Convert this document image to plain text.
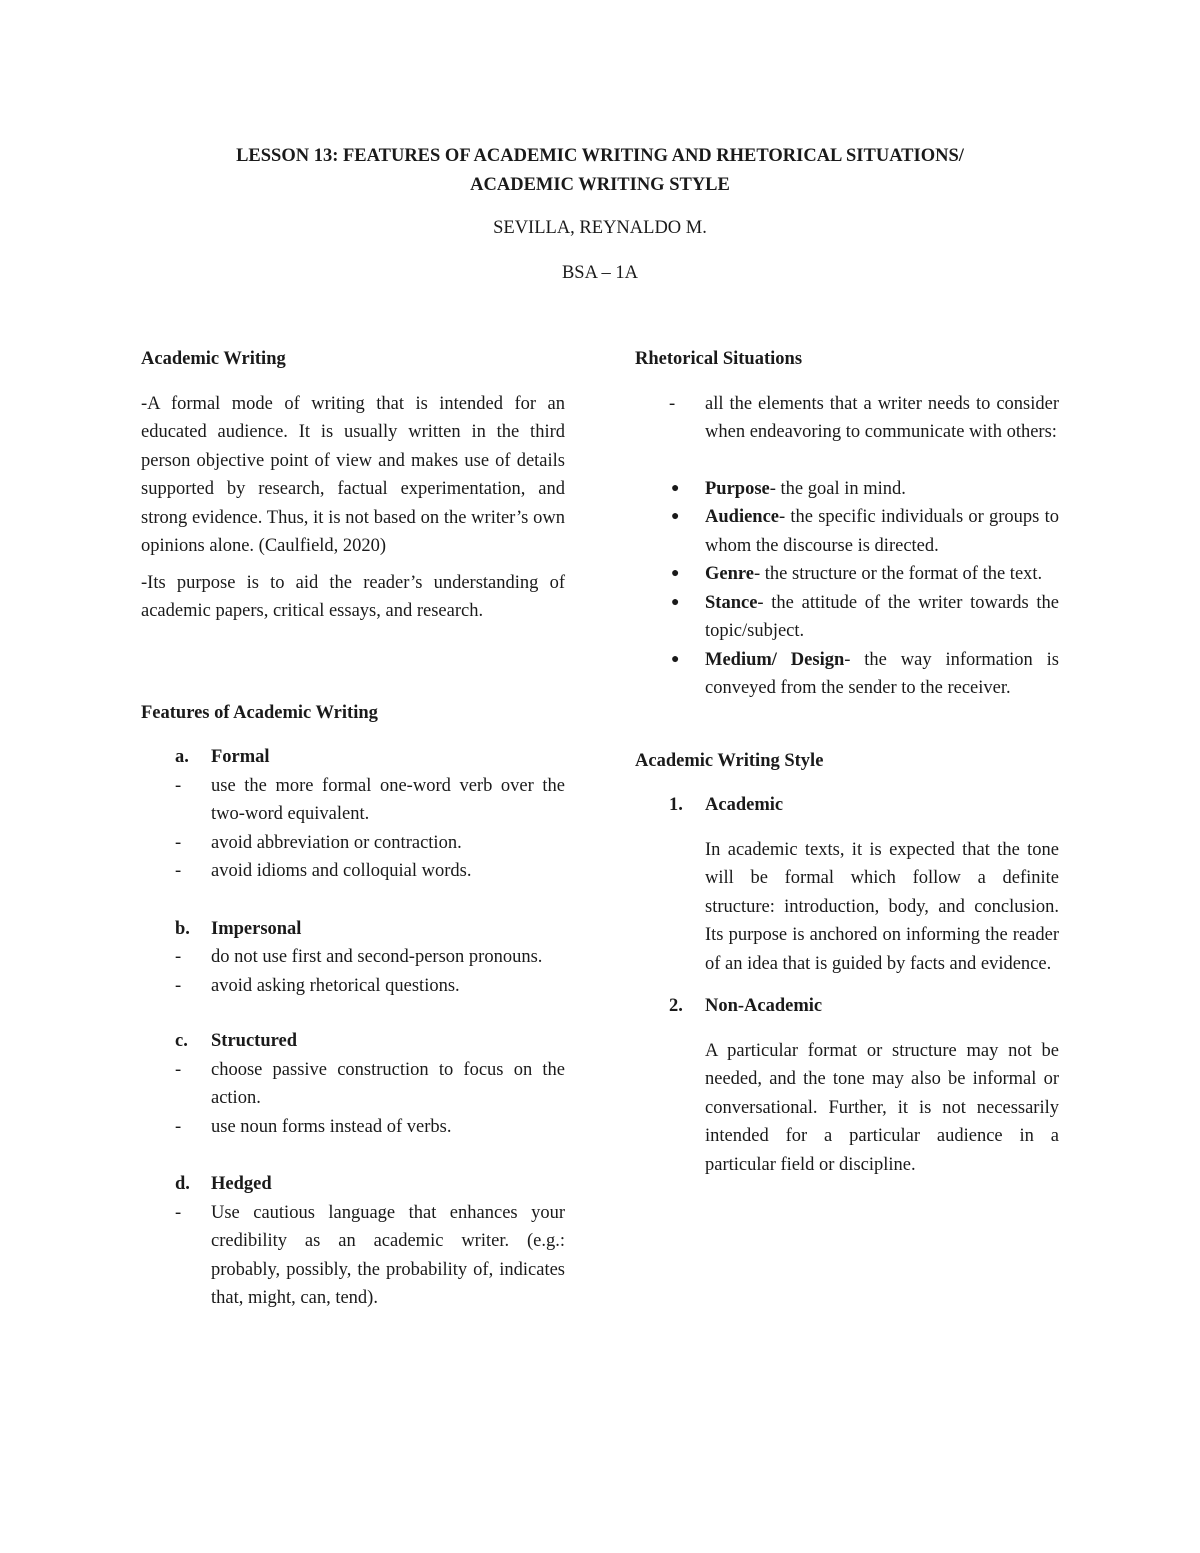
LESSON 13: FEATURES OF ACADEMIC WRITING AND RHETORICAL SITUATIONS/
ACADEMIC WRITING STYLE
SEVILLA, REYNALDO M.
BSA – 1A

Academic Writing

-A formal mode of writing that is intended for an educated audience. It is usually written in the third person objective point of view and makes use of details supported by research, factual experimentation, and strong evidence. Thus, it is not based on the writer’s own opinions alone. (Caulfield, 2020)

-Its purpose is to aid the reader’s understanding of academic papers, critical essays, and research.

Features of Academic Writing

a. Formal
- use the more formal one-word verb over the two-word equivalent.
- avoid abbreviation or contraction.
- avoid idioms and colloquial words.
b. Impersonal
- do not use first and second-person pronouns.
- avoid asking rhetorical questions.
c. Structured
- choose passive construction to focus on the action.
- use noun forms instead of verbs.
d. Hedged
- Use cautious language that enhances your credibility as an academic writer. (e.g.: probably, possibly, the probability of, indicates that, might, can, tend).

Rhetorical Situations

- all the elements that a writer needs to consider when endeavoring to communicate with others:
● Purpose- the goal in mind.
● Audience- the specific individuals or groups to whom the discourse is directed.
● Genre- the structure or the format of the text.
● Stance- the attitude of the writer towards the topic/subject.
● Medium/ Design- the way information is conveyed from the sender to the receiver.

Academic Writing Style

1. Academic

In academic texts, it is expected that the tone will be formal which follow a definite structure: introduction, body, and conclusion. Its purpose is anchored on informing the reader of an idea that is guided by facts and evidence.

2. Non-Academic

A particular format or structure may not be needed, and the tone may also be informal or conversational. Further, it is not necessarily intended for a particular audience in a particular field or discipline.
